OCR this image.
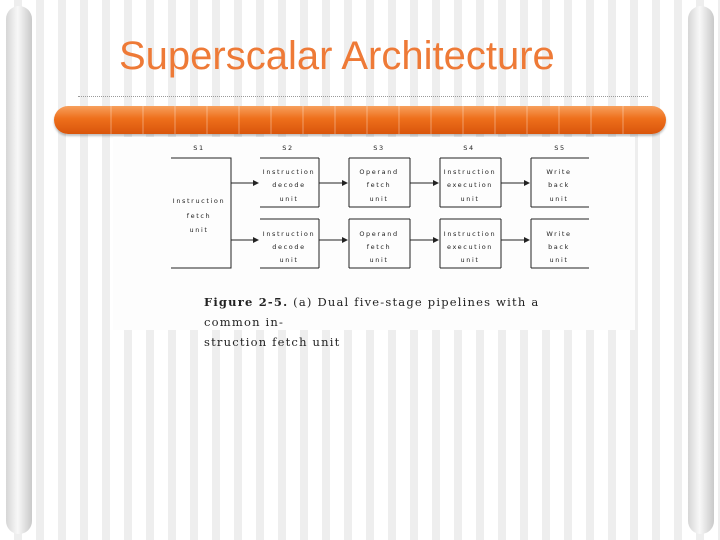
Superscalar Architecture
S1	S2	S3	S4	S5
Instruction
fetch
unit
Instruction
decode
unit
Operand
fetch
unit
Instruction
execution
unit
Write
back
unit
Instruction
decode
unit
Operand
fetch
unit
Instruction
execution
unit
Write
back
unit
Figure 2-5. (a) Dual five-stage pipelines with a common in-
struction fetch unit
